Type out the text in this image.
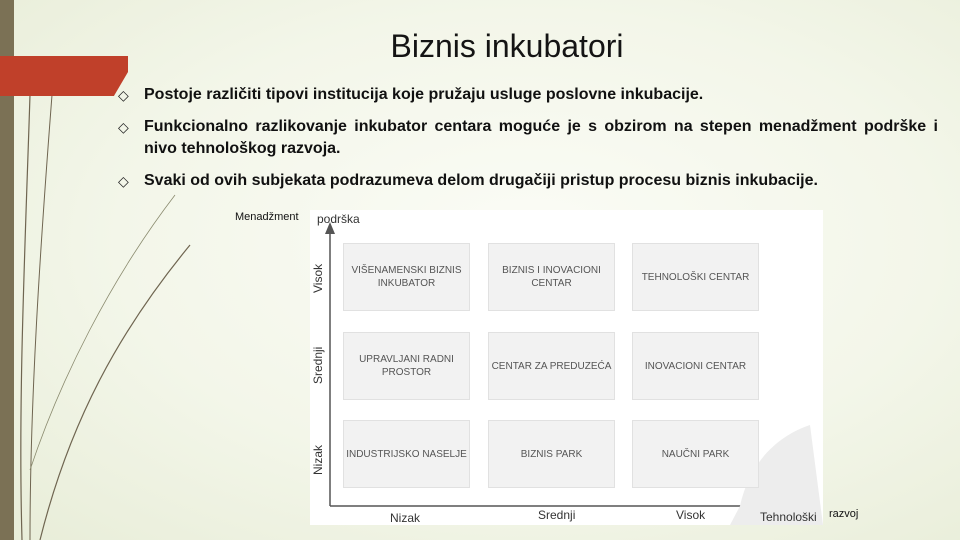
Biznis inkubatori
◇ Postoje različiti tipovi institucija koje pružaju usluge poslovne inkubacije.
◇ Funkcionalno razlikovanje inkubator centara moguće je s obzirom na stepen menadžment podrške i nivo tehnološkog razvoja.
◇ Svaki od ovih subjekata podrazumeva delom drugačiji pristup procesu biznis inkubacije.
Menadžment podrška
Visok
Srednji
Nizak
VIŠENAMENSKI BIZNIS INKUBATOR
BIZNIS I INOVACIONI CENTAR
TEHNOLOŠKI CENTAR
UPRAVLJANI RADNI PROSTOR
CENTAR ZA PREDUZEĆA	INOVACIONI CENTAR
INDUSTRIJSKO NASELJE	BIZNIS PARK	NAUČNI PARK
Nizak	Srednji	Visok	Tehnološki razvoj
